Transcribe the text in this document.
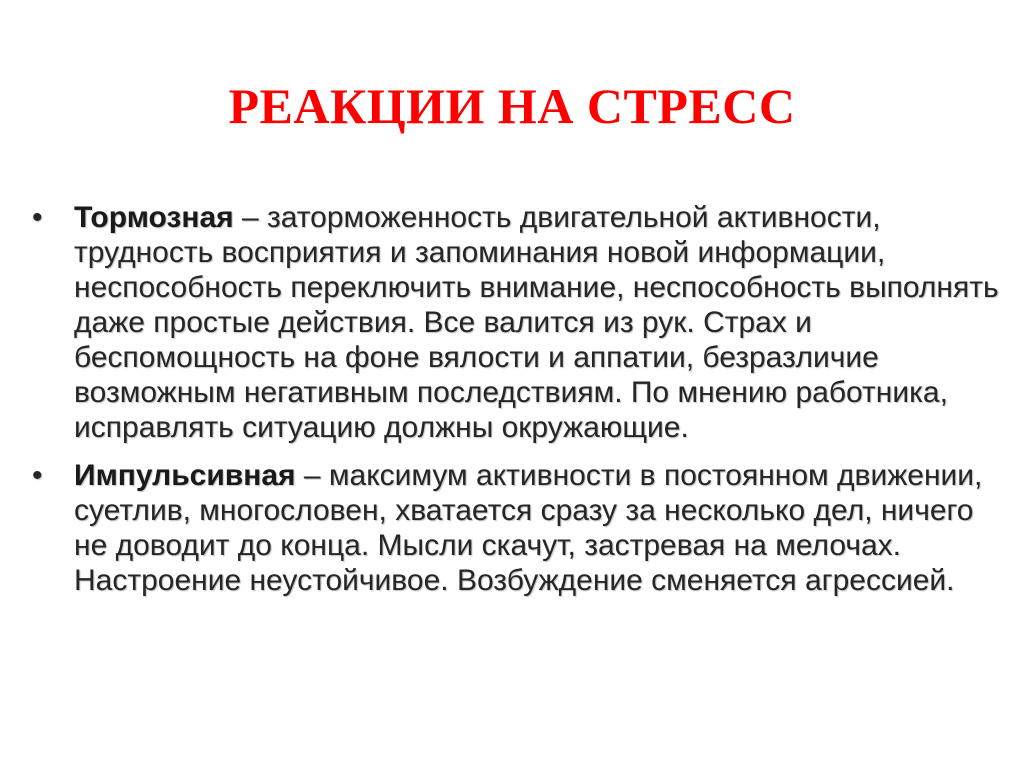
РЕАКЦИИ НА СТРЕСС
• Тормозная – заторможенность двигательной активности, трудность восприятия и запоминания новой информации, неспособность переключить внимание, неспособность выполнять даже простые действия. Все валится из рук. Страх и беспомощность на фоне вялости и аппатии, безразличие возможным негативным последствиям. По мнению работника, исправлять ситуацию должны окружающие.
• Импульсивная – максимум активности в постоянном движении, суетлив, многословен, хватается сразу за несколько дел, ничего не доводит до конца. Мысли скачут, застревая на мелочах. Настроение неустойчивое. Возбуждение сменяется агрессией.
